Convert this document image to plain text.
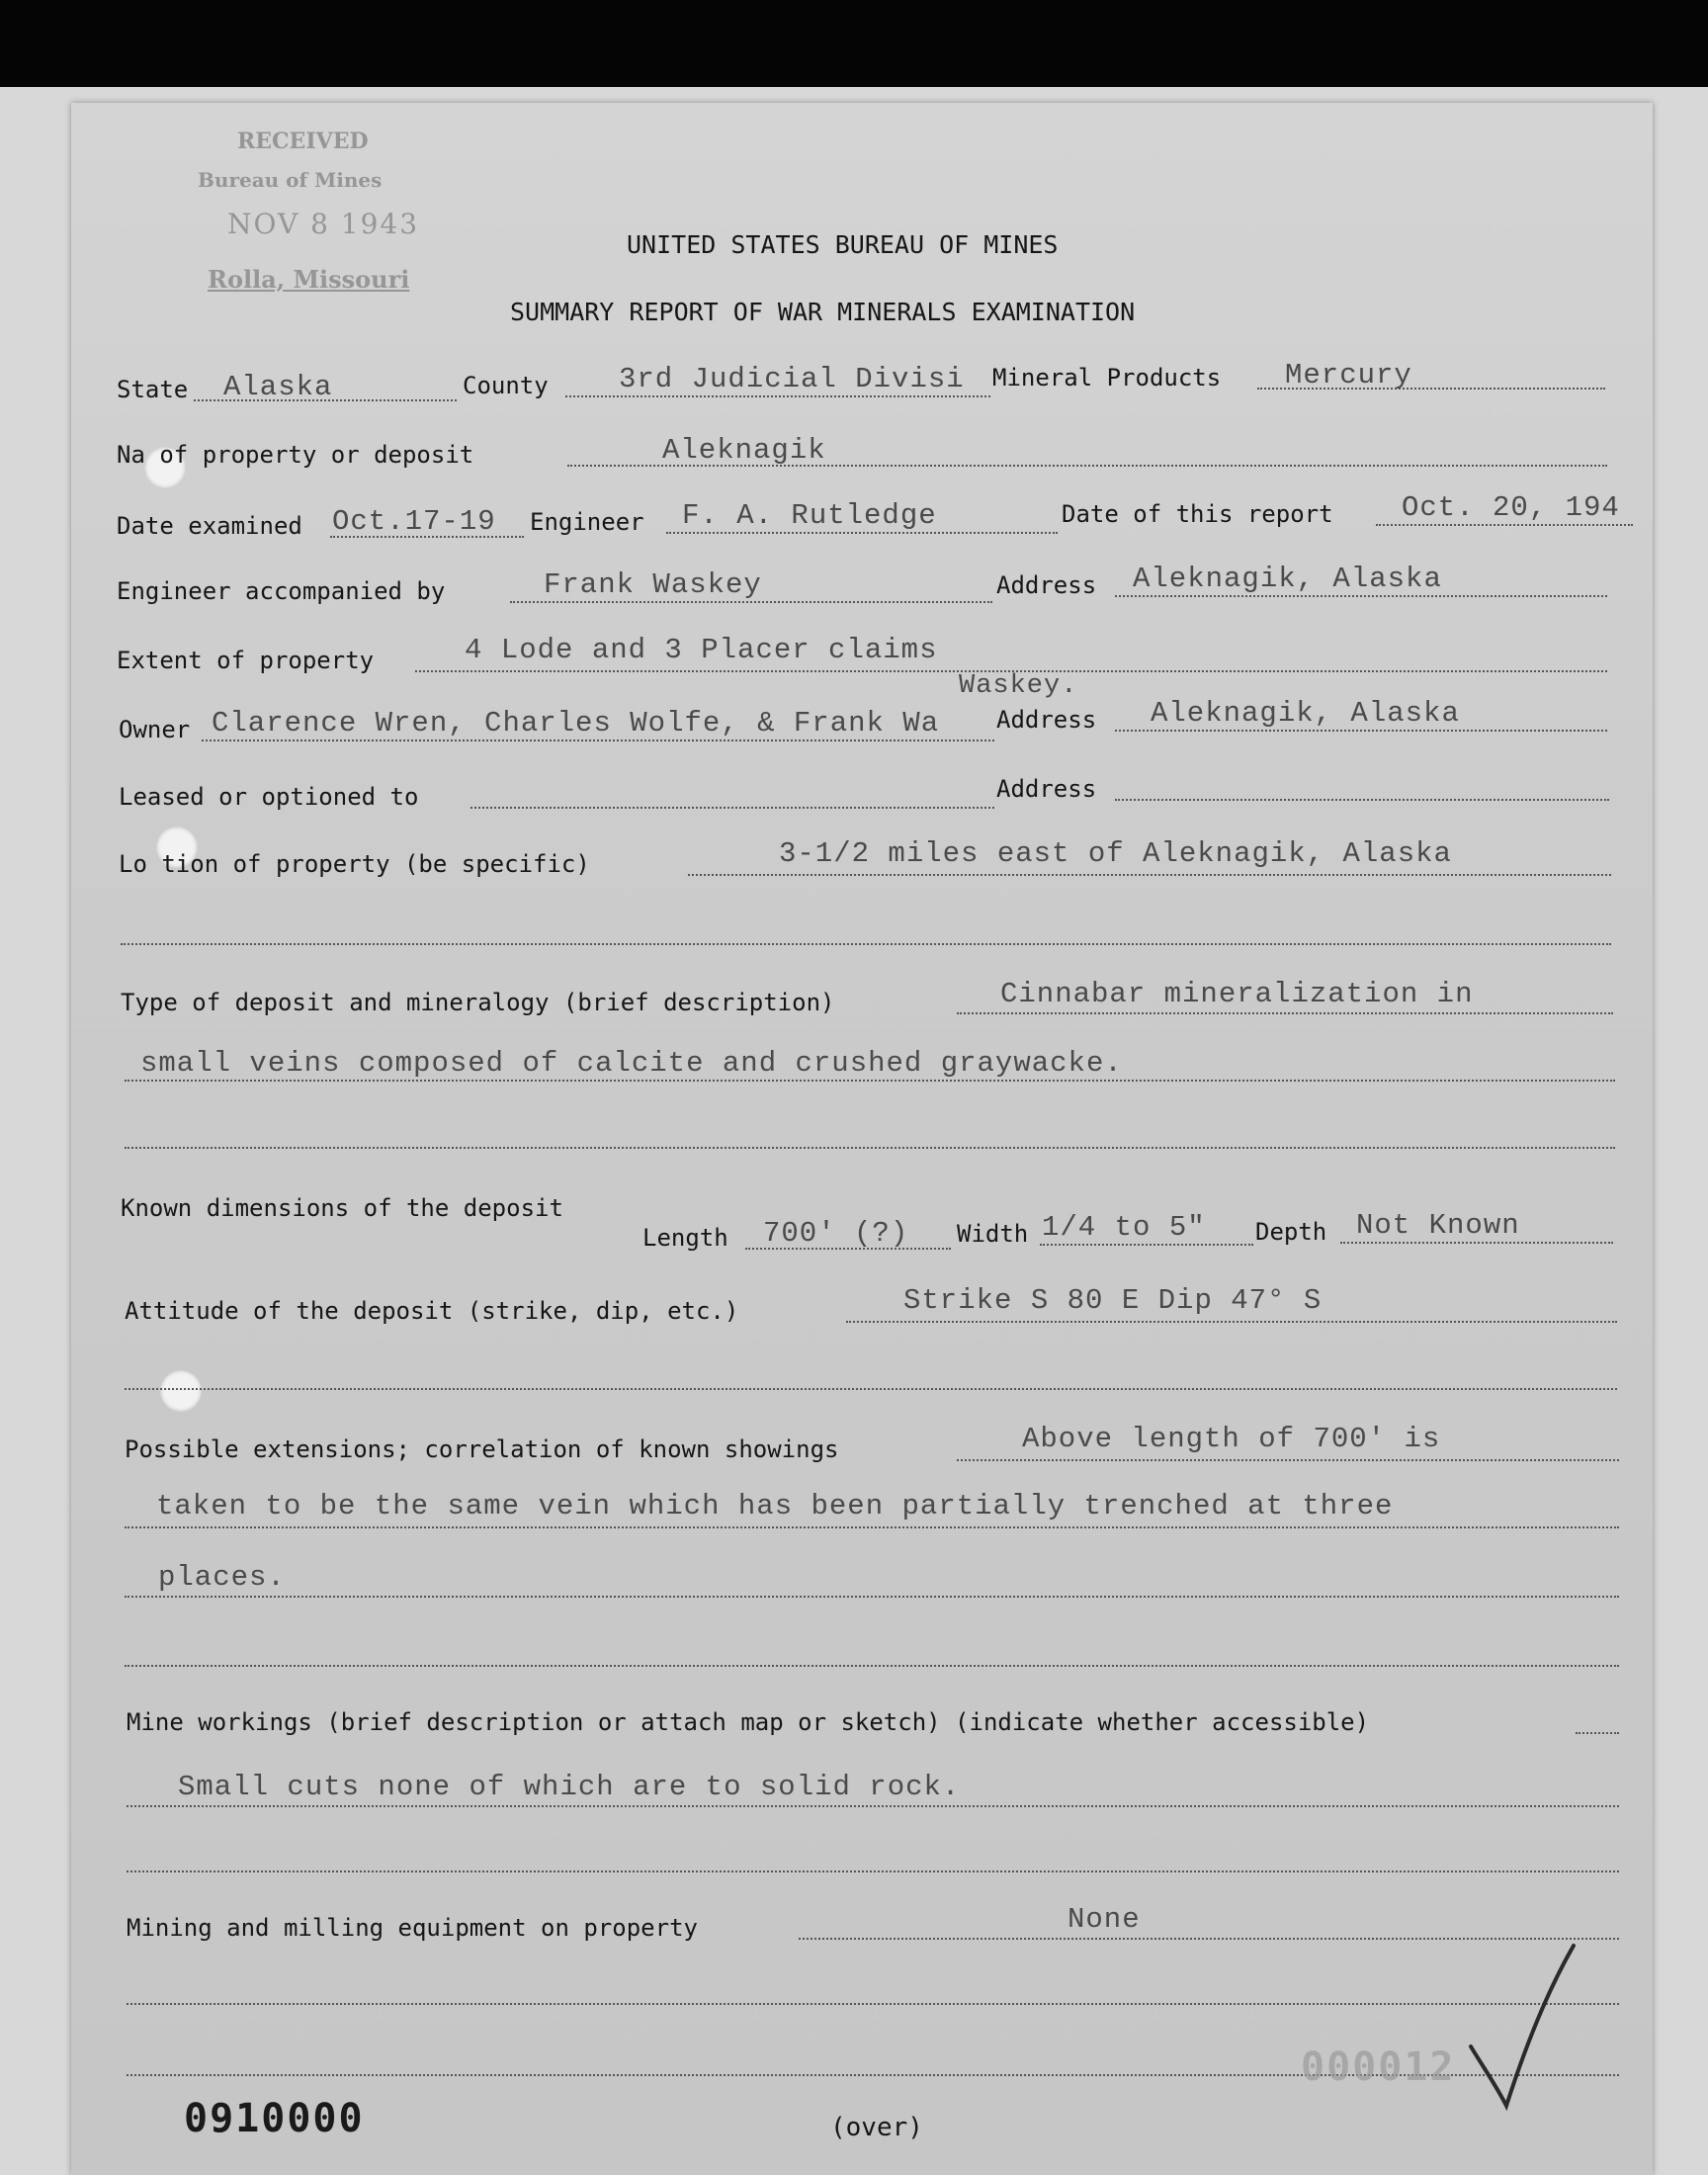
RECEIVED
Bureau of Mines
NOV 8 1943
Rolla, Missouri
UNITED STATES BUREAU OF MINES
SUMMARY REPORT OF WAR MINERALS EXAMINATION
State Alaska	County 3rd Judicial Divisi Mineral Products Mercury
Na of property or deposit	Aleknagik
Date examined Oct.17-19 Engineer F. A. Rutledge	Date of this report Oct. 20, 194
Engineer accompanied by	Frank Waskey	Address Aleknagik, Alaska
Extent of property	4 Lode and 3 Placer claims
Waskey.
Owner Clarence Wren, Charles Wolfe, & Frank Wa Address Aleknagik, Alaska
Leased or optioned to	Address
Lo tion of property (be specific)	3-1/2 miles east of Aleknagik, Alaska
Type of deposit and mineralogy (brief description)	Cinnabar mineralization in
small veins composed of calcite and crushed graywacke.
Known dimensions of the deposit
Length 700' (?) Width 1/4 to 5" Depth Not Known
Attitude of the deposit (strike, dip, etc.)	Strike S 80 E Dip 47° S
Possible extensions; correlation of known showings	Above length of 700' is
taken to be the same vein which has been partially trenched at three
places.
Mine workings (brief description or attach map or sketch) (indicate whether accessible)
Small cuts none of which are to solid rock.
Mining and milling equipment on property	None
0910000
000012
(over)
